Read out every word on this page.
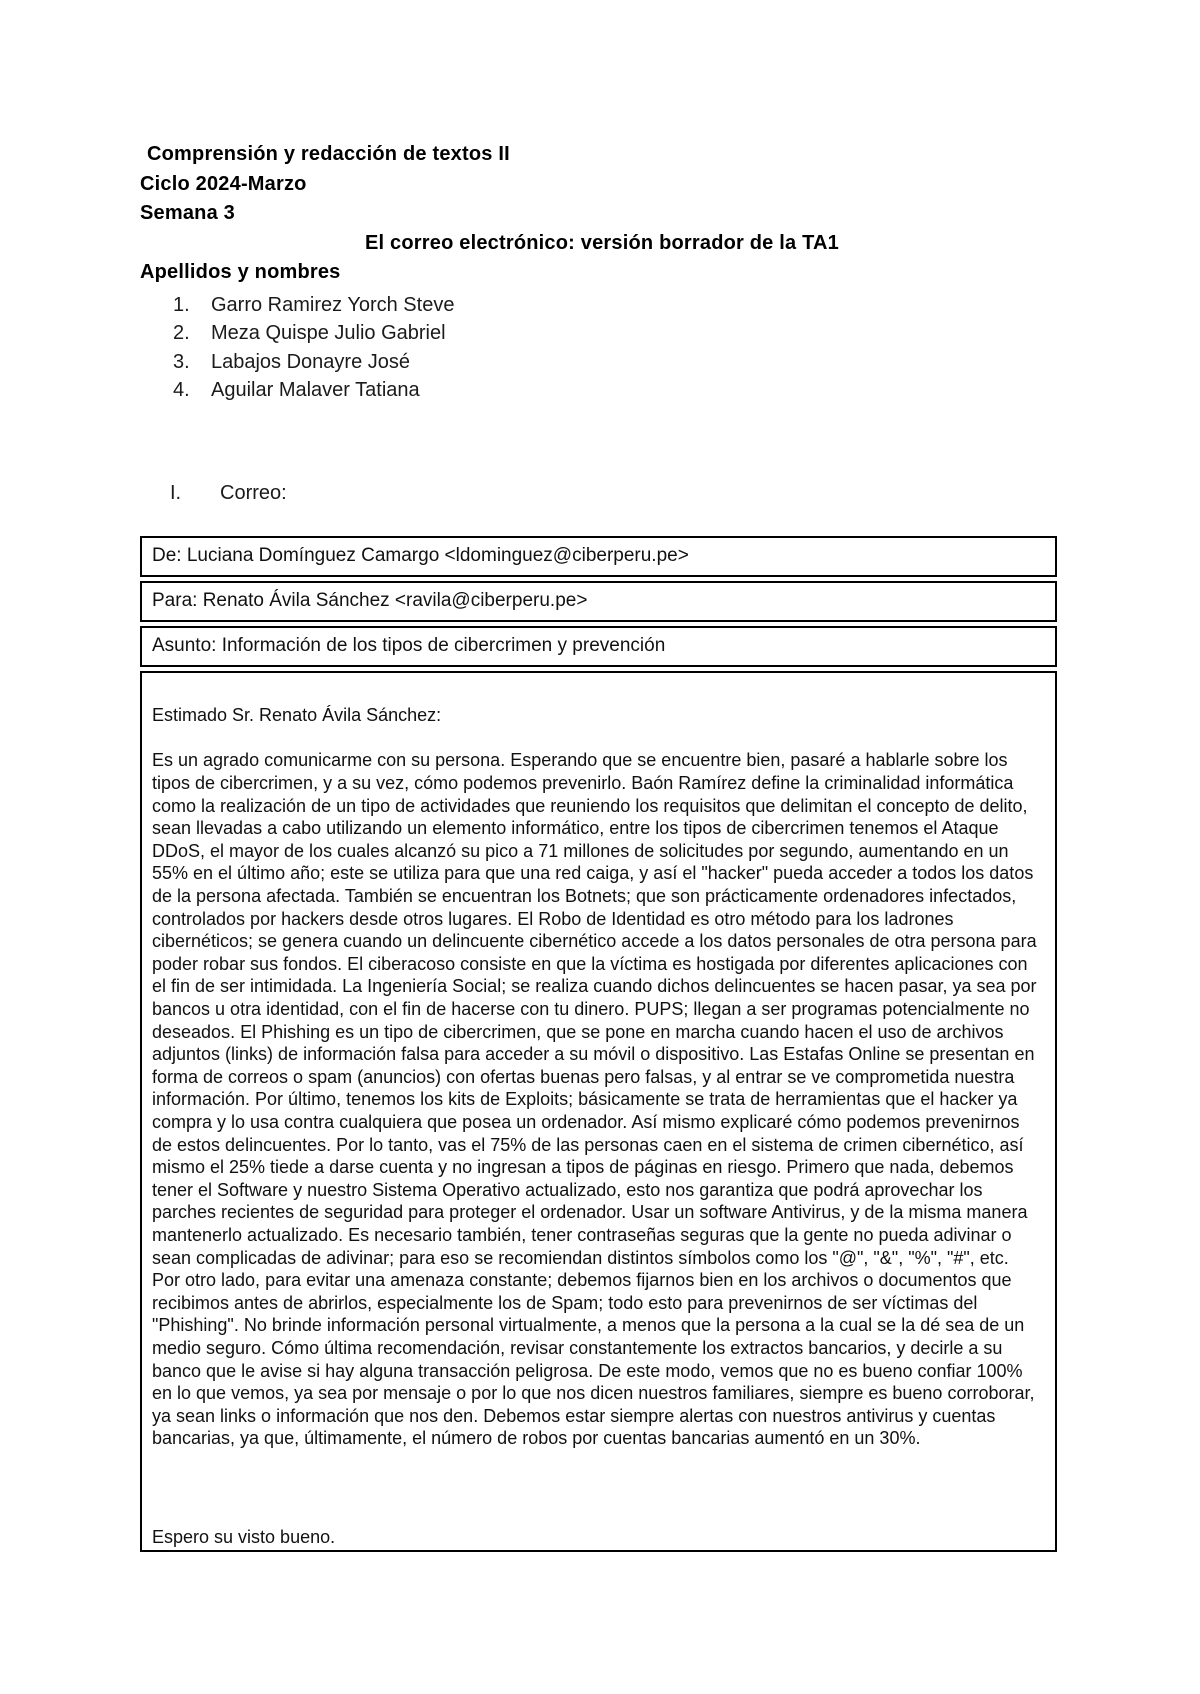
Comprensión y redacción de textos II
Ciclo 2024-Marzo
Semana 3
El correo electrónico: versión borrador de la TA1
Apellidos y nombres
1.	Garro Ramirez Yorch Steve
2.	Meza Quispe Julio Gabriel
3.	Labajos Donayre José
4.	Aguilar Malaver Tatiana
I.	Correo:
De: Luciana Domínguez Camargo <ldominguez@ciberperu.pe>
Para: Renato Ávila Sánchez <ravila@ciberperu.pe>
Asunto: Información de los tipos de cibercrimen y prevención

Estimado Sr. Renato Ávila Sánchez:

Es un agrado comunicarme con su persona. Esperando que se encuentre bien, pasaré a hablarle sobre los tipos de cibercrimen, y a su vez, cómo podemos prevenirlo. Baón Ramírez define la criminalidad informática como la realización de un tipo de actividades que reuniendo los requisitos que delimitan el concepto de delito, sean llevadas a cabo utilizando un elemento informático, entre los tipos de cibercrimen tenemos el Ataque DDoS, el mayor de los cuales alcanzó su pico a 71 millones de solicitudes por segundo, aumentando en un 55% en el último año; este se utiliza para que una red caiga, y así el "hacker" pueda acceder a todos los datos de la persona afectada. También se encuentran los Botnets; que son prácticamente ordenadores infectados, controlados por hackers desde otros lugares. El Robo de Identidad es otro método para los ladrones cibernéticos; se genera cuando un delincuente cibernético accede a los datos personales de otra persona para poder robar sus fondos. El ciberacoso consiste en que la víctima es hostigada por diferentes aplicaciones con el fin de ser intimidada. La Ingeniería Social; se realiza cuando dichos delincuentes se hacen pasar, ya sea por bancos u otra identidad, con el fin de hacerse con tu dinero. PUPS; llegan a ser programas potencialmente no deseados. El Phishing es un tipo de cibercrimen, que se pone en marcha cuando hacen el uso de archivos adjuntos (links) de información falsa para acceder a su móvil o dispositivo. Las Estafas Online se presentan en forma de correos o spam (anuncios) con ofertas buenas pero falsas, y al entrar se ve comprometida nuestra información. Por último, tenemos los kits de Exploits; básicamente se trata de herramientas que el hacker ya compra y lo usa contra cualquiera que posea un ordenador. Así mismo explicaré cómo podemos prevenirnos de estos delincuentes. Por lo tanto, vas el 75% de las personas caen en el sistema de crimen cibernético, así mismo el 25% tiede a darse cuenta y no ingresan a tipos de páginas en riesgo. Primero que nada, debemos tener el Software y nuestro Sistema Operativo actualizado, esto nos garantiza que podrá aprovechar los parches recientes de seguridad para proteger el ordenador. Usar un software Antivirus, y de la misma manera mantenerlo actualizado. Es necesario también, tener contraseñas seguras que la gente no pueda adivinar o sean complicadas de adivinar; para eso se recomiendan distintos símbolos como los "@", "&", "%", "#", etc. Por otro lado, para evitar una amenaza constante; debemos fijarnos bien en los archivos o documentos que recibimos antes de abrirlos, especialmente los de Spam; todo esto para prevenirnos de ser víctimas del "Phishing". No brinde información personal virtualmente, a menos que la persona a la cual se la dé sea de un medio seguro. Cómo última recomendación, revisar constantemente los extractos bancarios, y decirle a su banco que le avise si hay alguna transacción peligrosa. De este modo, vemos que no es bueno confiar 100% en lo que vemos, ya sea por mensaje o por lo que nos dicen nuestros familiares, siempre es bueno corroborar, ya sean links o información que nos den. Debemos estar siempre alertas con nuestros antivirus y cuentas bancarias, ya que, últimamente, el número de robos por cuentas bancarias aumentó en un 30%.

Espero su visto bueno.
